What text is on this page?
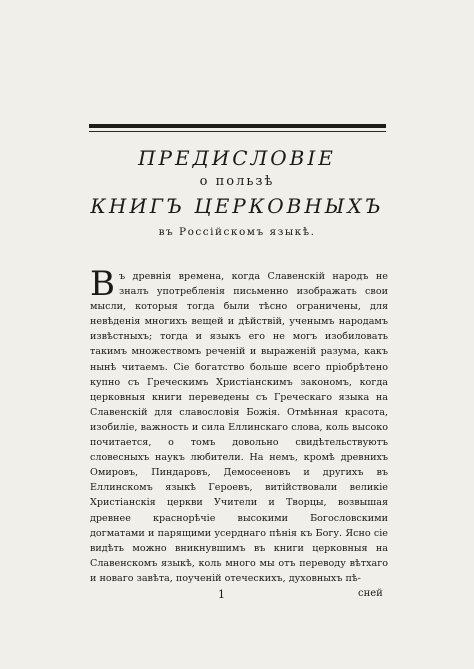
ПРЕДИСЛОВІЕ
о пользѣ
КНИГЪ ЦЕРКОВНЫХЪ
въ Россійскомъ языкѣ.
Въ древнія времена, когда Славенскій народъ не зналъ употребленія письменно изображать свои мысли, которыя тогда были тѣсно ограничены, для невѣденія многихъ вещей и дѣйствій, ученымъ народамъ извѣстныхъ; тогда и языкъ его не могъ изобиловать такимъ множествомъ реченій и выраженій разума, какъ нынѣ читаемъ. Сіе богатство больше всего пріобрѣтено купно съ Греческимъ Христіанскимъ закономъ, когда церковныя книги переведены съ Греческаго языка на Славенскій для славословія Божія. Отмѣнная красота, изобиліе, важность и сила Еллинскаго слова, коль высоко почитается, о томъ довольно свидѣтельствуютъ словесныхъ наукъ любители. На немъ, кромѣ древнихъ Омировъ, Пиндаровъ, Демосѳеновъ и другихъ въ Еллинскомъ языкѣ Героевъ, витійствовали великіе Христіанскія церкви Учители и Творцы, возвышая древнее краснорѣчіе высокими Богословскими догматами и парящими усерднаго пѣнія къ Богу. Ясно сіе видѣть можно вникнувшимъ въ книги церковныя на Славенскомъ языкѣ, коль много мы отъ переводу вѣтхаго и новаго завѣта, поученій отеческихъ, духовныхъ пѣ-
1	сней
